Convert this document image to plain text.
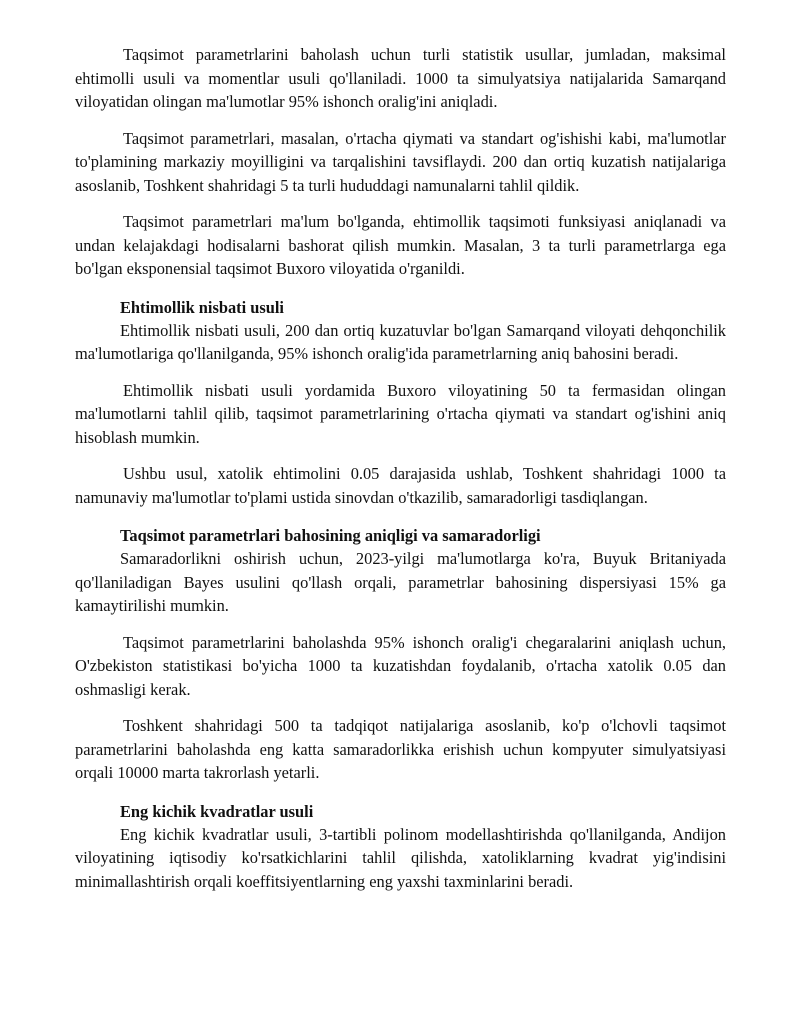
Taqsimot parametrlarini baholash uchun turli statistik usullar, jumladan, maksimal ehtimolli usuli va momentlar usuli qo'llaniladi. 1000 ta simulyatsiya natijalarida Samarqand viloyatidan olingan ma'lumotlar 95% ishonch oralig'ini aniqladi.

Taqsimot parametrlari, masalan, o'rtacha qiymati va standart og'ishishi kabi, ma'lumotlar to'plamining markaziy moyilligini va tarqalishini tavsiflaydi. 200 dan ortiq kuzatish natijalariga asoslanib, Toshkent shahridagi 5 ta turli hududdagi namunalarni tahlil qildik.

Taqsimot parametrlari ma'lum bo'lganda, ehtimollik taqsimoti funksiyasi aniqlanadi va undan kelajakdagi hodisalarni bashorat qilish mumkin. Masalan, 3 ta turli parametrlarga ega bo'lgan eksponensial taqsimot Buxoro viloyatida o'rganildi.

Ehtimollik nisbati usuli

Ehtimollik nisbati usuli, 200 dan ortiq kuzatuvlar bo'lgan Samarqand viloyati dehqonchilik ma'lumotlariga qo'llanilganda, 95% ishonch oralig'ida parametrlarning aniq bahosini beradi.

Ehtimollik nisbati usuli yordamida Buxoro viloyatining 50 ta fermasidan olingan ma'lumotlarni tahlil qilib, taqsimot parametrlarining o'rtacha qiymati va standart og'ishini aniq hisoblash mumkin.

Ushbu usul, xatolik ehtimolini 0.05 darajasida ushlab, Toshkent shahridagi 1000 ta namunaviy ma'lumotlar to'plami ustida sinovdan o'tkazilib, samaradorligi tasdiqlangan.

Taqsimot parametrlari bahosining aniqligi va samaradorligi

Samaradorlikni oshirish uchun, 2023-yilgi ma'lumotlarga ko'ra, Buyuk Britaniyada qo'llaniladigan Bayes usulini qo'llash orqali, parametrlar bahosining dispersiyasi 15% ga kamaytirilishi mumkin.

Taqsimot parametrlarini baholashda 95% ishonch oralig'i chegaralarini aniqlash uchun, O'zbekiston statistikasi bo'yicha 1000 ta kuzatishdan foydalanib, o'rtacha xatolik 0.05 dan oshmasligi kerak.

Toshkent shahridagi 500 ta tadqiqot natijalariga asoslanib, ko'p o'lchovli taqsimot parametrlarini baholashda eng katta samaradorlikka erishish uchun kompyuter simulyatsiyasi orqali 10000 marta takrorlash yetarli.

Eng kichik kvadratlar usuli

Eng kichik kvadratlar usuli, 3-tartibli polinom modellashtirishda qo'llanilganda, Andijon viloyatining iqtisodiy ko'rsatkichlarini tahlil qilishda, xatoliklarning kvadrat yig'indisini minimallashtirish orqali koeffitsiyentlarning eng yaxshi taxminlarini beradi.
